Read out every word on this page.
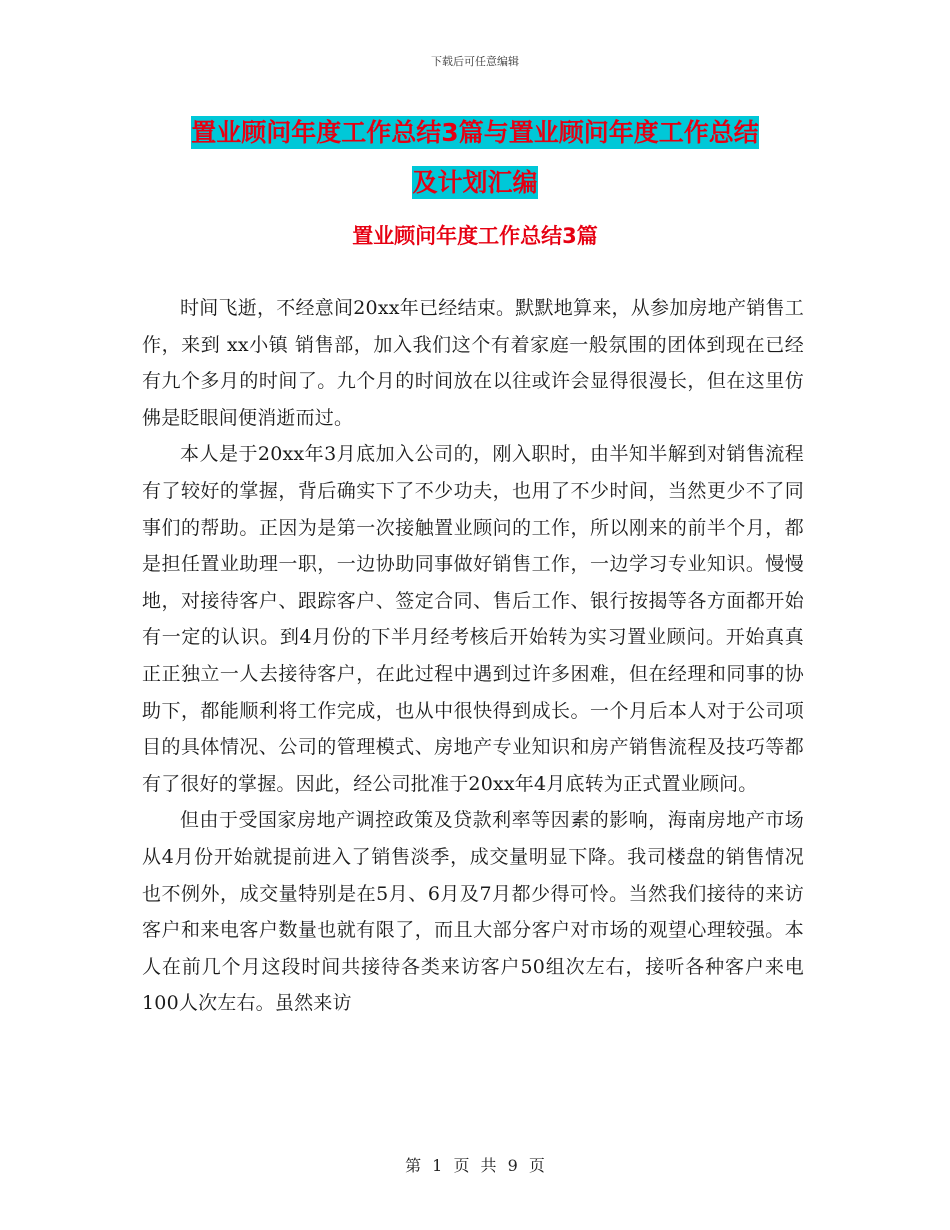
下载后可任意编辑
置业顾问年度工作总结3篇与置业顾问年度工作总结
及计划汇编
置业顾问年度工作总结3篇

时间飞逝，不经意间20xx年已经结束。默默地算来，从参加房地产销售工作，来到 xx小镇 销售部，加入我们这个有着家庭一般氛围的团体到现在已经有九个多月的时间了。九个月的时间放在以往或许会显得很漫长，但在这里仿佛是眨眼间便消逝而过。

本人是于20xx年3月底加入公司的，刚入职时，由半知半解到对销售流程有了较好的掌握，背后确实下了不少功夫，也用了不少时间，当然更少不了同事们的帮助。正因为是第一次接触置业顾问的工作，所以刚来的前半个月，都是担任置业助理一职，一边协助同事做好销售工作，一边学习专业知识。慢慢地，对接待客户、跟踪客户、签定合同、售后工作、银行按揭等各方面都开始有一定的认识。到4月份的下半月经考核后开始转为实习置业顾问。开始真真正正独立一人去接待客户，在此过程中遇到过许多困难，但在经理和同事的协助下，都能顺利将工作完成，也从中很快得到成长。一个月后本人对于公司项目的具体情况、公司的管理模式、房地产专业知识和房产销售流程及技巧等都有了很好的掌握。因此，经公司批准于20xx年4月底转为正式置业顾问。

但由于受国家房地产调控政策及贷款利率等因素的影响，海南房地产市场从4月份开始就提前进入了销售淡季，成交量明显下降。我司楼盘的销售情况也不例外，成交量特别是在5月、6月及7月都少得可怜。当然我们接待的来访客户和来电客户数量也就有限了，而且大部分客户对市场的观望心理较强。本人在前几个月这段时间共接待各类来访客户50组次左右，接听各种客户来电100人次左右。虽然来访

第 1 页 共 9 页
